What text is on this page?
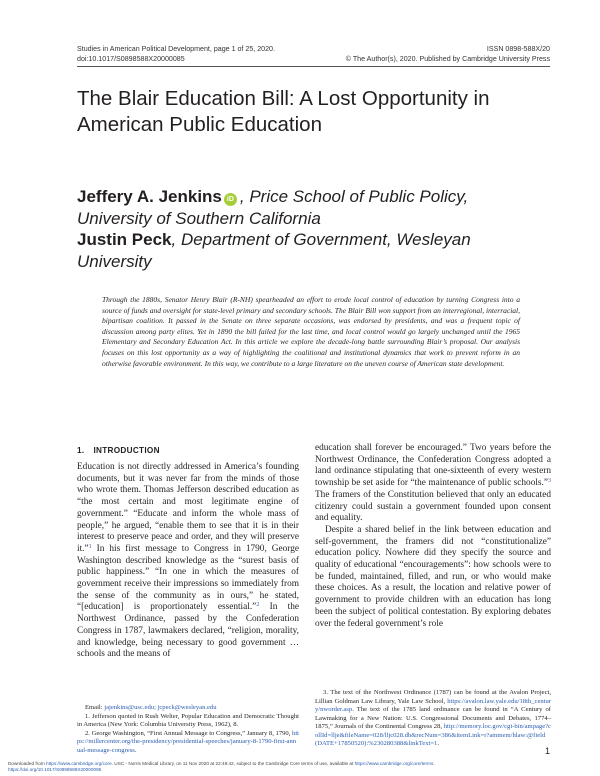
Studies in American Political Development, page 1 of 25, 2020.
doi:10.1017/S0898588X20000085
ISSN 0898-588X/20
© The Author(s), 2020. Published by Cambridge University Press
The Blair Education Bill: A Lost Opportunity in American Public Education
Jeffery A. Jenkins iD , Price School of Public Policy,
University of Southern California
Justin Peck, Department of Government, Wesleyan
University

Through the 1880s, Senator Henry Blair (R-NH) spearheaded an effort to erode local control of education by turning Congress into a source of funds and oversight for state-level primary and secondary schools. The Blair Bill won support from an interregional, interracial, bipartisan coalition. It passed in the Senate on three separate occasions, was endorsed by presidents, and was a frequent topic of discussion among party elites. Yet in 1890 the bill failed for the last time, and local control would go largely unchanged until the 1965 Elementary and Secondary Education Act. In this article we explore the decade-long battle surrounding Blair’s proposal. Our analysis focuses on this lost opportunity as a way of highlighting the coalitional and institutional dynamics that work to prevent reform in an otherwise favorable environment. In this way, we contribute to a large literature on the uneven course of American state development.

1. INTRODUCTION

Education is not directly addressed in America’s founding documents, but it was never far from the minds of those who wrote them. Thomas Jefferson described education as “the most certain and most legitimate engine of government.” “Educate and inform the whole mass of people,” he argued, “enable them to see that it is in their interest to preserve peace and order, and they will preserve it.”$^1$ In his first message to Congress in 1790, George Washington described knowledge as the “surest basis of public happiness.” “In one in which the measures of government receive their impressions so immediately from the sense of the community as in ours,” he stated, “[education] is proportionately essential.”$^2$ In the Northwest Ordinance, passed by the Confederation Congress in 1787, lawmakers declared, “religion, morality, and knowledge, being necessary to good government … schools and the means of

education shall forever be encouraged.” Two years before the Northwest Ordinance, the Confederation Congress adopted a land ordinance stipulating that one-sixteenth of every western township be set aside for “the maintenance of public schools.”$^3$ The framers of the Constitution believed that only an educated citizenry could sustain a government founded upon consent and equality.

Despite a shared belief in the link between education and self-government, the framers did not “constitutionalize” education policy. Nowhere did they specify the source and quality of educational “encouragements”: how schools were to be funded, maintained, filled, and run, or who would make these choices. As a result, the location and relative power of government to provide children with an education has long been the subject of political contestation. By exploring debates over the federal government’s role

Email: jajenkins@usc.edu; jcpeck@wesleyan.edu

1. Jefferson quoted in Rush Welter, Popular Education and Democratic Thought in America (New York: Columbia University Press, 1962), 8.

2. George Washington, “First Annual Message to Congress,” January 8, 1790, https://millercenter.org/the-presidency/presidential-speeches/january-8-1790-first-annual-message-congress.

3. The text of the Northwest Ordinance (1787) can be found at the Avalon Project, Lillian Goldman Law Library, Yale Law School, https://avalon.law.yale.edu/18th_century/nworder.asp. The text of the 1785 land ordinance can be found in “A Century of Lawmaking for a New Nation: U.S. Congressional Documents and Debates, 1774–1875,” Journals of the Continental Congress 28, http://memory.loc.gov/cgi-bin/ampage?collId=llje&fileName=028/lljc028.db&recNum=386&itemLink=r?ammem/hlaw:@field(DATE+17850520):%230280388&linkText=1.

1
Downloaded from https://www.cambridge.org/core. USC - Norris Medical Library, on 11 Nov 2020 at 22:49:42, subject to the Cambridge Core terms of use, available at https://www.cambridge.org/core/terms.
https://doi.org/10.1017/S0898588X20000085
